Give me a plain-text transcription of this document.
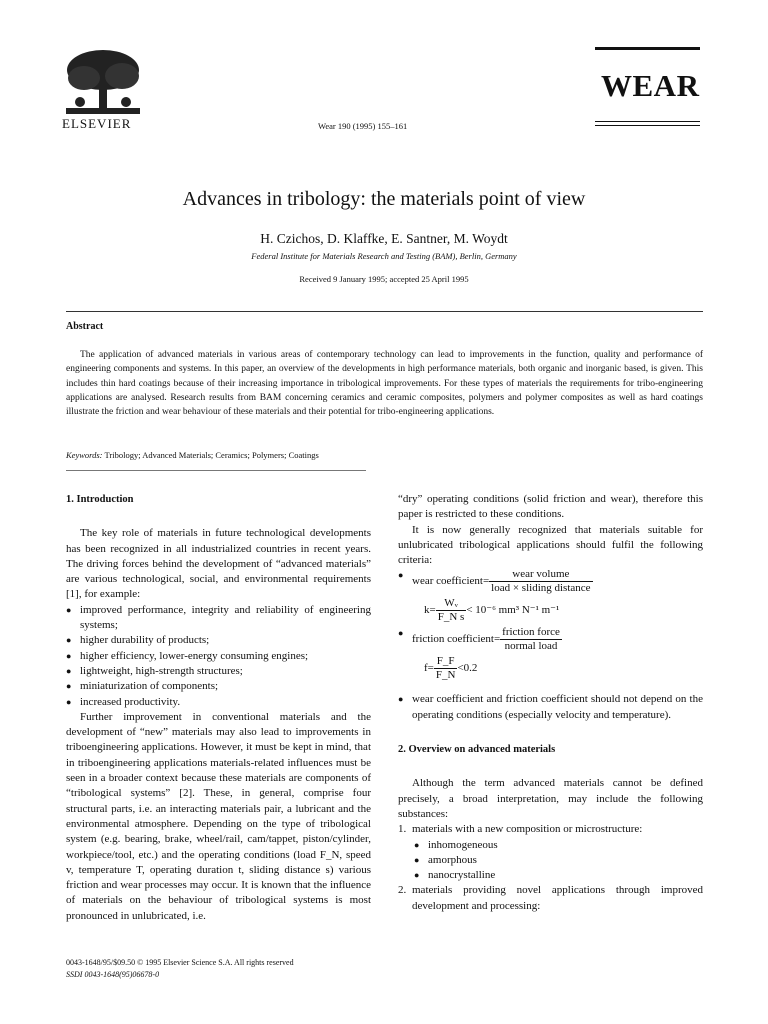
ELSEVIER	Wear 190 (1995) 155–161
WEAR
Advances in tribology: the materials point of view
H. Czichos, D. Klaffke, E. Santner, M. Woydt
Federal Institute for Materials Research and Testing (BAM), Berlin, Germany
Received 9 January 1995; accepted 25 April 1995
Abstract
The application of advanced materials in various areas of contemporary technology can lead to improvements in the function, quality and performance of engineering components and systems. In this paper, an overview of the developments in high performance materials, both organic and inorganic based, is given. This includes thin hard coatings because of their increasing importance in tribological improvements. For these types of materials the requirements for tribo-engineering applications are analysed. Research results from BAM concerning ceramics and ceramic composites, polymers and polymer composites as well as hard coatings illustrate the friction and wear behaviour of these materials and their potential for tribo-engineering applications.
Keywords: Tribology; Advanced Materials; Ceramics; Polymers; Coatings

1. Introduction

The key role of materials in future technological developments has been recognized in all industrialized countries in recent years. The driving forces behind the development of “advanced materials” are various technological, social, and environmental requirements [1], for example:

● improved performance, integrity and reliability of engineering systems;
● higher durability of products;
● higher efficiency, lower-energy consuming engines;
● lightweight, high-strength structures;
● miniaturization of components;
● increased productivity.

Further improvement in conventional materials and the development of “new” materials may also lead to improvements in triboengineering applications. However, it must be kept in mind, that in triboengineering applications materials-related influences must be seen in a broader context because these materials are components of “tribological systems” [2]. These, in general, comprise four structural parts, i.e. an interacting materials pair, a lubricant and the environmental atmosphere. Depending on the type of tribological system (e.g. bearing, brake, wheel/rail, cam/tappet, piston/cylinder, workpiece/tool, etc.) and the operating conditions (load F_N, speed v, temperature T, operating duration t, sliding distance s) various friction and wear processes may occur. It is known that the influence of materials on the behaviour of tribological systems is most pronounced in unlubricated, i.e.

“dry” operating conditions (solid friction and wear), therefore this paper is restricted to these conditions.

It is now generally recognized that materials suitable for unlubricated tribological applications should fulfil the following criteria:

● wear coefficient= $\frac{\text{wear volume}}{\text{load × sliding distance}}$
$k= \frac{\text{Wᵥ}}{\text{F\_N s}} < 10^{-6}$ mm³ N⁻¹ m⁻¹
● friction coefficient= $\frac{\text{friction force}}{\text{normal load}}$
$f= \frac{F\_F}{F\_N} <0.2$
● wear coefficient and friction coefficient should not depend on the operating conditions (especially velocity and temperature).

2. Overview on advanced materials

Although the term advanced materials cannot be defined precisely, a broad interpretation, may include the following substances:

1. materials with a new composition or microstructure:
● inhomogeneous
● amorphous
● nanocrystalline
2. materials providing novel applications through improved development and processing:
0043-1648/95/$09.50 © 1995 Elsevier Science S.A. All rights reserved
SSDI 0043-1648(95)06678-0
